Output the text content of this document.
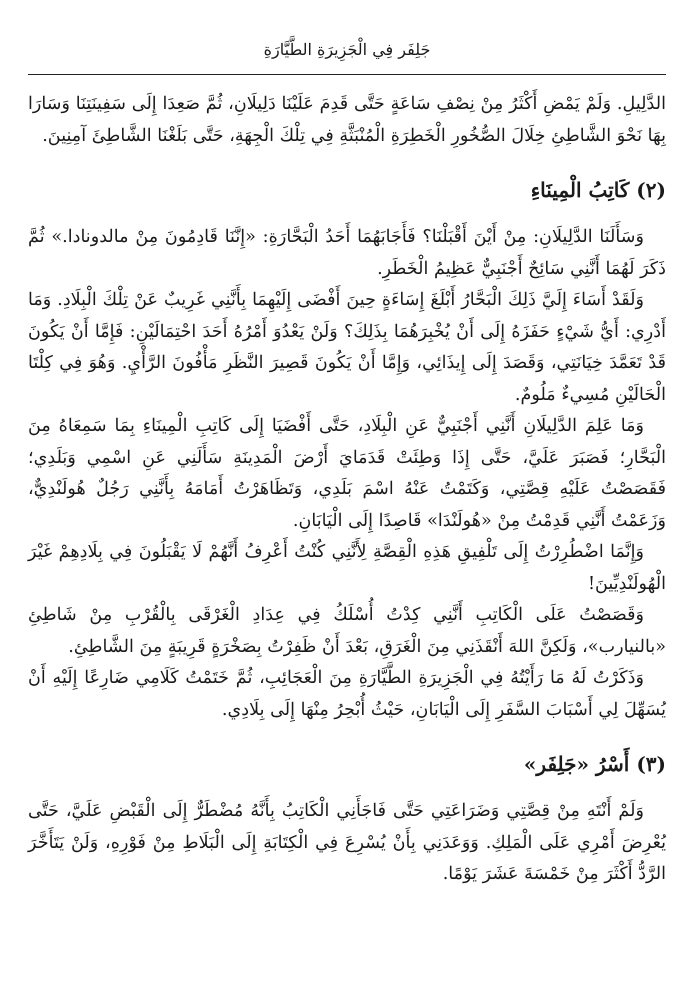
جَلِفَر فِي الْجَزِيرَةِ الطَّيَّارَةِ

الدَّلِيلِ. وَلَمْ يَمْضِ أَكْثَرُ مِنْ نِصْفِ سَاعَةٍ حَتَّى قَدِمَ عَلَيْنَا دَلِيلَانِ، ثُمَّ صَعِدَا إِلَى سَفِينَتِنَا وَسَارَا بِهَا نَحْوَ الشَّاطِئِ خِلَالَ الصُّخُورِ الْخَطِرَةِ الْمُنْبَثَّةِ فِي تِلْكَ الْجِهَةِ، حَتَّى بَلَغْنَا الشَّاطِئَ آمِنِينَ.

(٢) كَاتِبُ الْمِينَاءِ

وَسَأَلَنَا الدَّلِيلَانِ: مِنْ أَيْنَ أَقْبَلْنَا؟ فَأَجَابَهُمَا أَحَدُ الْبَحَّارَةِ: «إِنَّنَا قَادِمُونَ مِنْ مالدونادا.» ثُمَّ ذَكَرَ لَهُمَا أَنَّنِي سَائِحٌ أَجْنَبِيٌّ عَظِيمُ الْخَطَرِ.

وَلَقَدْ أَسَاءَ إِلَيَّ ذَلِكَ الْبَحَّارُ أَبْلَغَ إِسَاءَةٍ حِينَ أَفْضَى إِلَيْهِمَا بِأَنَّنِي غَرِيبٌ عَنْ تِلْكَ الْبِلَادِ. وَمَا أَدْرِي: أَيُّ شَيْءٍ حَفَزَهُ إِلَى أَنْ يُخْبِرَهُمَا بِذَلِكَ؟ وَلَنْ يَعْدُوَ أَمْرُهُ أَحَدَ احْتِمَالَيْنِ: فَإِمَّا أَنْ يَكُونَ قَدْ تَعَمَّدَ خِيَانَتِي، وَقَصَدَ إِلَى إِيذَائِي، وَإِمَّا أَنْ يَكُونَ قَصِيرَ النَّظَرِ مَأْفُونَ الرَّأْيِ. وَهُوَ فِي كِلْتَا الْحَالَيْنِ مُسِيءٌ مَلُومٌ.

وَمَا عَلِمَ الدَّلِيلَانِ أَنَّنِي أَجْنَبِيٌّ عَنِ الْبِلَادِ، حَتَّى أَفْضَيَا إِلَى كَاتِبِ الْمِينَاءِ بِمَا سَمِعَاهُ مِنَ الْبَحَّارِ؛ فَصَبَرَ عَلَيَّ، حَتَّى إِذَا وَطِئَتْ قَدَمَايَ أَرْضَ الْمَدِينَةِ سَأَلَنِي عَنِ اسْمِي وَبَلَدِي؛ فَقَصَصْتُ عَلَيْهِ قِصَّتِي، وَكَتَمْتُ عَنْهُ اسْمَ بَلَدِي، وَتَظَاهَرْتُ أَمَامَهُ بِأَنَّنِي رَجُلٌ هُولَنْدِيٌّ، وَزَعَمْتُ أَنَّنِي قَدِمْتُ مِنْ «هُولَنْدَا» قَاصِدًا إِلَى الْيَابَانِ.

وَإِنَّمَا اضْطُرِرْتُ إِلَى تَلْفِيقِ هَذِهِ الْقِصَّةِ لِأَنَّنِي كُنْتُ أَعْرِفُ أَنَّهُمْ لَا يَقْبَلُونَ فِي بِلَادِهِمْ غَيْرَ الْهُولَنْدِيِّينَ!

وَقَصَصْتُ عَلَى الْكَاتِبِ أَنَّنِي كِدْتُ أُسْلَكُ فِي عِدَادِ الْغَرْقَى بِالْقُرْبِ مِنْ شَاطِئِ «بالنيارب»، وَلَكِنَّ اللهَ أَنْقَذَنِي مِنَ الْغَرَقِ، بَعْدَ أَنْ ظَفِرْتُ بِصَخْرَةٍ قَرِيبَةٍ مِنَ الشَّاطِئِ.

وَذَكَرْتُ لَهُ مَا رَأَيْتُهُ فِي الْجَزِيرَةِ الطَّيَّارَةِ مِنَ الْعَجَائِبِ، ثُمَّ خَتَمْتُ كَلَامِي ضَارِعًا إِلَيْهِ أَنْ يُسَهِّلَ لِي أَسْبَابَ السَّفَرِ إِلَى الْيَابَانِ، حَيْثُ أُبْحِرُ مِنْهَا إِلَى بِلَادِي.

(٣) أَسْرُ «جَلِفَر»

وَلَمْ أَنْتَهِ مِنْ قِصَّتِي وَضَرَاعَتِي حَتَّى فَاجَأَنِي الْكَاتِبُ بِأَنَّهُ مُضْطَرٌّ إِلَى الْقَبْضِ عَلَيَّ، حَتَّى يُعْرِضَ أَمْرِي عَلَى الْمَلِكِ. وَوَعَدَنِي بِأَنْ يُسْرِعَ فِي الْكِتَابَةِ إِلَى الْبَلَاطِ مِنْ فَوْرِهِ، وَلَنْ يَتَأَخَّرَ الرَّدُّ أَكْثَرَ مِنْ خَمْسَةَ عَشَرَ يَوْمًا.
